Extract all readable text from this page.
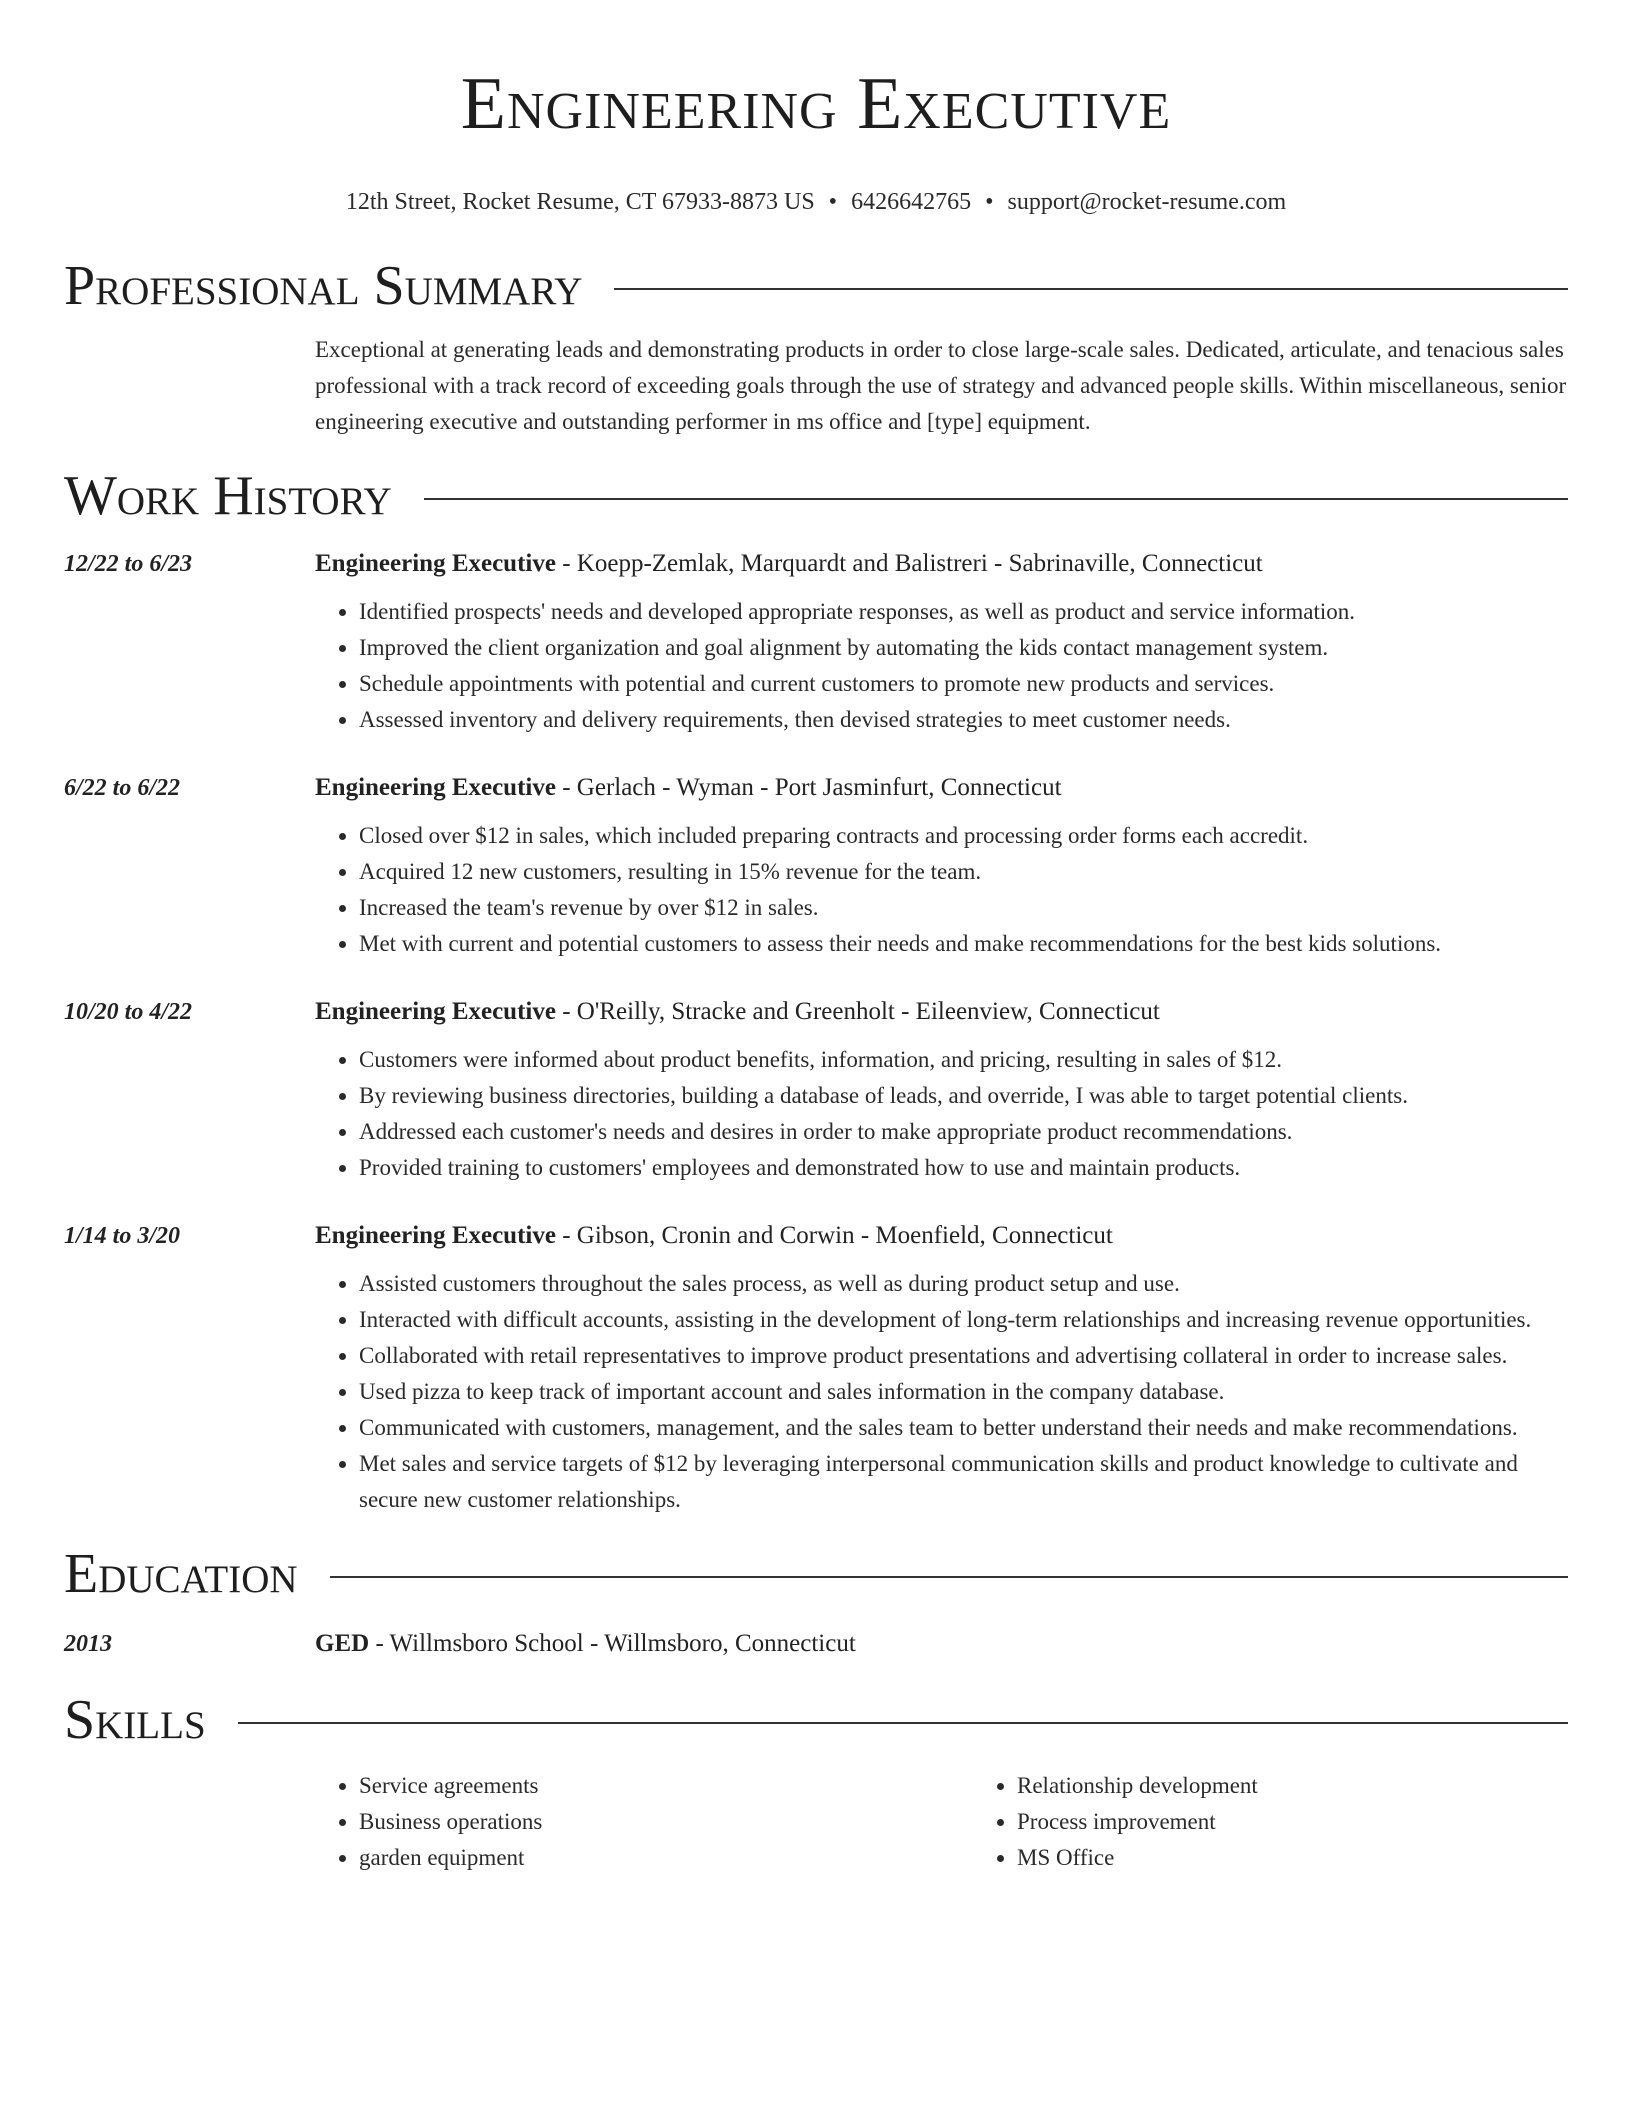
Engineering Executive
12th Street, Rocket Resume, CT 67933-8873 US • 6426642765 • support@rocket-resume.com
Professional Summary
Exceptional at generating leads and demonstrating products in order to close large-scale sales. Dedicated, articulate, and tenacious sales professional with a track record of exceeding goals through the use of strategy and advanced people skills. Within miscellaneous, senior engineering executive and outstanding performer in ms office and [type] equipment.
Work History
12/22 to 6/23	Engineering Executive - Koepp-Zemlak, Marquardt and Balistreri - Sabrinaville, Connecticut
• Identified prospects' needs and developed appropriate responses, as well as product and service information.
• Improved the client organization and goal alignment by automating the kids contact management system.
• Schedule appointments with potential and current customers to promote new products and services.
• Assessed inventory and delivery requirements, then devised strategies to meet customer needs.
6/22 to 6/22	Engineering Executive - Gerlach - Wyman - Port Jasminfurt, Connecticut
• Closed over $12 in sales, which included preparing contracts and processing order forms each accredit.
• Acquired 12 new customers, resulting in 15% revenue for the team.
• Increased the team's revenue by over $12 in sales.
• Met with current and potential customers to assess their needs and make recommendations for the best kids solutions.
10/20 to 4/22	Engineering Executive - O'Reilly, Stracke and Greenholt - Eileenview, Connecticut
• Customers were informed about product benefits, information, and pricing, resulting in sales of $12.
• By reviewing business directories, building a database of leads, and override, I was able to target potential clients.
• Addressed each customer's needs and desires in order to make appropriate product recommendations.
• Provided training to customers' employees and demonstrated how to use and maintain products.
1/14 to 3/20	Engineering Executive - Gibson, Cronin and Corwin - Moenfield, Connecticut
• Assisted customers throughout the sales process, as well as during product setup and use.
• Interacted with difficult accounts, assisting in the development of long-term relationships and increasing revenue opportunities.
• Collaborated with retail representatives to improve product presentations and advertising collateral in order to increase sales.
• Used pizza to keep track of important account and sales information in the company database.
• Communicated with customers, management, and the sales team to better understand their needs and make recommendations.
• Met sales and service targets of $12 by leveraging interpersonal communication skills and product knowledge to cultivate and secure new customer relationships.
Education
2013	GED - Willmsboro School - Willmsboro, Connecticut
Skills
• Service agreements
• Business operations
• garden equipment
• Relationship development
• Process improvement
• MS Office
